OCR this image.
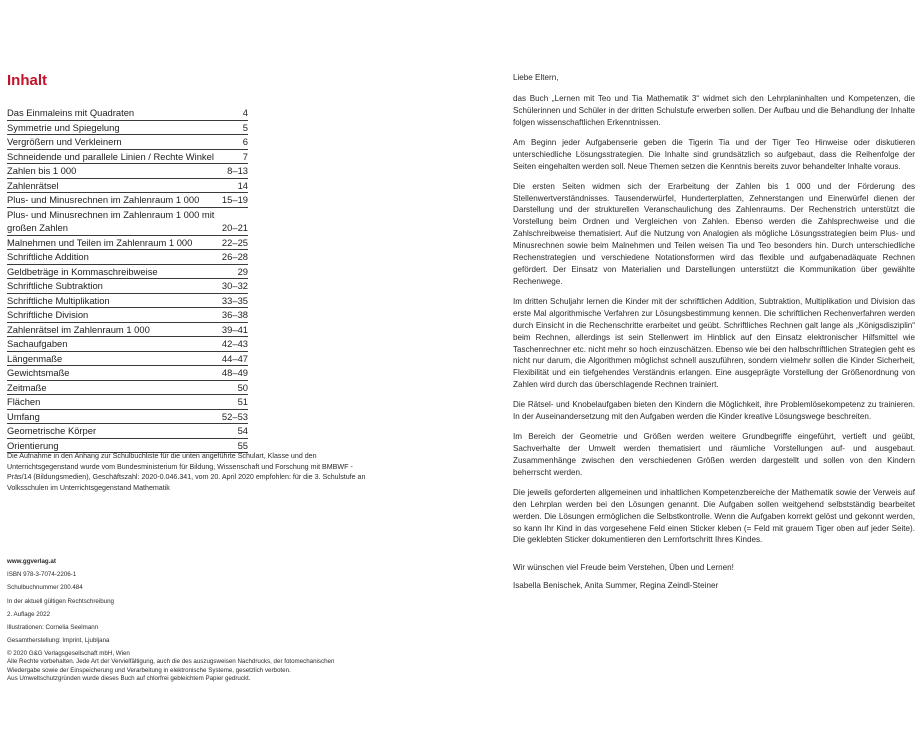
Inhalt
Das Einmaleins mit Quadraten	4
Symmetrie und Spiegelung	5
Vergrößern und Verkleinern	6
Schneidende und parallele Linien / Rechte Winkel	7
Zahlen bis 1 000	8–13
Zahlenrätsel	14
Plus- und Minusrechnen im Zahlenraum 1 000	15–19
Plus- und Minusrechnen im Zahlenraum 1 000 mit großen Zahlen	20–21
Malnehmen und Teilen im Zahlenraum 1 000	22–25
Schriftliche Addition	26–28
Geldbeträge in Kommaschreibweise	29
Schriftliche Subtraktion	30–32
Schriftliche Multiplikation	33–35
Schriftliche Division	36–38
Zahlenrätsel im Zahlenraum 1 000	39–41
Sachaufgaben	42–43
Längenmaße	44–47
Gewichtsmaße	48–49
Zeitmaße	50
Flächen	51
Umfang	52–53
Geometrische Körper	54
Orientierung	55
Die Aufnahme in den Anhang zur Schulbuchliste für die unten angeführte Schulart, Klasse und den Unterrichtsgegenstand wurde vom Bundesministerium für Bildung, Wissenschaft und Forschung mit BMBWF - Präs/14 (Bildungsmedien), Geschäftszahl: 2020-0.046.341, vom 20. April 2020 empfohlen: für die 3. Schulstufe an Volksschulen im Unterrichtsgegenstand Mathematik
www.ggverlag.at
ISBN 978-3-7074-2206-1
Schulbuchnummer 200.484
In der aktuell gültigen Rechtschreibung
2. Auflage 2022
Illustrationen: Cornelia Seelmann
Gesamtherstellung: Imprint, Ljubljana
© 2020 G&G Verlagsgesellschaft mbH, Wien
Alle Rechte vorbehalten. Jede Art der Vervielfältigung, auch die des auszugsweisen Nachdrucks, der fotomechanischen
Wiedergabe sowie der Einspeicherung und Verarbeitung in elektronische Systeme, gesetzlich verboten.
Aus Umweltschutzgründen wurde dieses Buch auf chlorfrei gebleichtem Papier gedruckt.

Liebe Eltern,

das Buch „Lernen mit Teo und Tia Mathematik 3“ widmet sich den Lehrplaninhalten und Kompetenzen, die Schülerinnen und Schüler in der dritten Schulstufe erwerben sollen. Der Aufbau und die Behandlung der Inhalte folgen wissenschaftlichen Erkenntnissen.

Am Beginn jeder Aufgabenserie geben die Tigerin Tia und der Tiger Teo Hinweise oder diskutieren unterschiedliche Lösungsstrategien. Die Inhalte sind grundsätzlich so aufgebaut, dass die Reihenfolge der Seiten eingehalten werden soll. Neue Themen setzen die Kenntnis bereits zuvor behandelter Inhalte voraus.

Die ersten Seiten widmen sich der Erarbeitung der Zahlen bis 1 000 und der Förderung des Stellenwertverständnisses. Tausenderwürfel, Hunderterplatten, Zehnerstangen und Einerwürfel dienen der Darstellung und der strukturellen Veranschaulichung des Zahlenraums. Der Rechenstrich unterstützt die Vorstellung beim Ordnen und Vergleichen von Zahlen. Ebenso werden die Zahlsprechweise und die Zahlschreibweise thematisiert. Auf die Nutzung von Analogien als mögliche Lösungsstrategien beim Plus- und Minusrechnen sowie beim Malnehmen und Teilen weisen Tia und Teo besonders hin. Durch unterschiedliche Rechenstrategien und verschiedene Notationsformen wird das flexible und aufgabenadäquate Rechnen gefördert. Der Einsatz von Materialien und Darstellungen unterstützt die Kommunikation über gewählte Rechenwege.

Im dritten Schuljahr lernen die Kinder mit der schriftlichen Addition, Subtraktion, Multiplikation und Division das erste Mal algorithmische Verfahren zur Lösungsbestimmung kennen. Die schriftlichen Rechenverfahren werden durch Einsicht in die Rechenschritte erarbeitet und geübt. Schriftliches Rechnen galt lange als „Königsdisziplin“ beim Rechnen, allerdings ist sein Stellenwert im Hinblick auf den Einsatz elektronischer Hilfsmittel wie Taschenrechner etc. nicht mehr so hoch einzuschätzen. Ebenso wie bei den halbschriftlichen Strategien geht es nicht nur darum, die Algorithmen möglichst schnell auszuführen, sondern vielmehr sollen die Kinder Sicherheit, Flexibilität und ein tiefgehendes Verständnis erlangen. Eine ausgeprägte Vorstellung der Größenordnung von Zahlen wird durch das überschlagende Rechnen trainiert.

Die Rätsel- und Knobelaufgaben bieten den Kindern die Möglichkeit, ihre Problemlösekompetenz zu trainieren. In der Auseinandersetzung mit den Aufgaben werden die Kinder kreative Lösungswege beschreiten.

Im Bereich der Geometrie und Größen werden weitere Grundbegriffe eingeführt, vertieft und geübt, Sachverhalte der Umwelt werden thematisiert und räumliche Vorstellungen auf- und ausgebaut. Zusammenhänge zwischen den verschiedenen Größen werden dargestellt und sollen von den Kindern beherrscht werden.

Die jeweils geforderten allgemeinen und inhaltlichen Kompetenzbereiche der Mathematik sowie der Verweis auf den Lehrplan werden bei den Lösungen genannt. Die Aufgaben sollen weitgehend selbstständig bearbeitet werden. Die Lösungen ermöglichen die Selbstkontrolle. Wenn die Aufgaben korrekt gelöst und gekonnt werden, so kann Ihr Kind in das vorgesehene Feld einen Sticker kleben (= Feld mit grauem Tiger oben auf jeder Seite). Die geklebten Sticker dokumentieren den Lernfortschritt Ihres Kindes.

Wir wünschen viel Freude beim Verstehen, Üben und Lernen!

Isabella Benischek, Anita Summer, Regina Zeindl-Steiner
